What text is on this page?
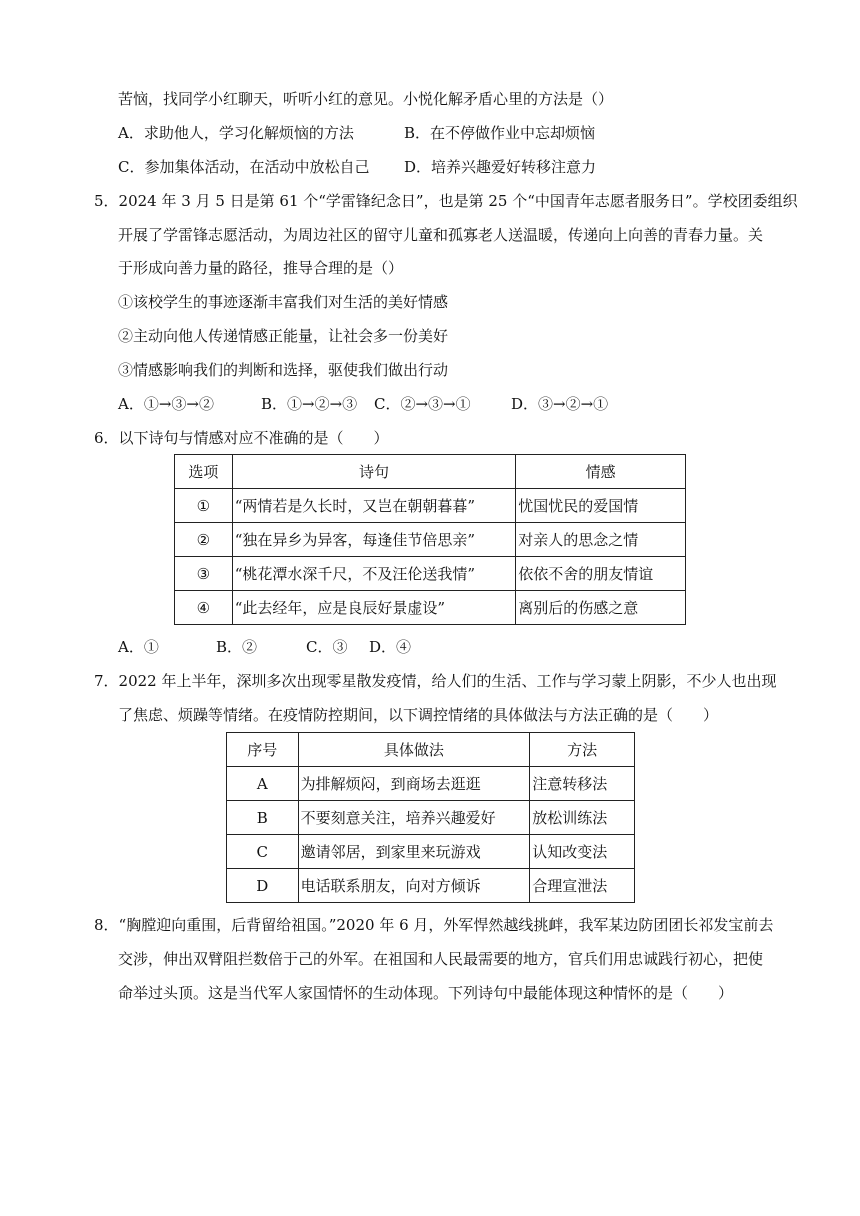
苦恼，找同学小红聊天，听听小红的意见。小悦化解矛盾心里的方法是（）
A．求助他人，学习化解烦恼的方法	B．在不停做作业中忘却烦恼
C．参加集体活动，在活动中放松自己 D．培养兴趣爱好转移注意力
5．2024 年 3 月 5 日是第 61 个“学雷锋纪念日”，也是第 25 个“中国青年志愿者服务日”。学校团委组织
开展了学雷锋志愿活动，为周边社区的留守儿童和孤寡老人送温暖，传递向上向善的青春力量。关
于形成向善力量的路径，推导合理的是（）
①该校学生的事迹逐渐丰富我们对生活的美好情感
②主动向他人传递情感正能量，让社会多一份美好
③情感影响我们的判断和选择，驱使我们做出行动
A．①→③→②	B．①→②→③ C．②→③→①	D．③→②→①
6．以下诗句与情感对应不准确的是（　　）
选项	诗句	情感
①	“两情若是久长时，又岂在朝朝暮暮”	忧国忧民的爱国情
②	“独在异乡为异客，每逢佳节倍思亲”	对亲人的思念之情
③	“桃花潭水深千尺，不及汪伦送我情”	依依不舍的朋友情谊
④	“此去经年，应是良辰好景虚设”	离别后的伤感之意
A．①	B．②	C．③ D．④
7．2022 年上半年，深圳多次出现零星散发疫情，给人们的生活、工作与学习蒙上阴影，不少人也出现
了焦虑、烦躁等情绪。在疫情防控期间，以下调控情绪的具体做法与方法正确的是（　　）
序号	具体做法	方法
A	为排解烦闷，到商场去逛逛	注意转移法
B	不要刻意关注，培养兴趣爱好	放松训练法
C	邀请邻居，到家里来玩游戏	认知改变法
D	电话联系朋友，向对方倾诉	合理宣泄法
8．“胸膛迎向重围，后背留给祖国。”2020 年 6 月，外军悍然越线挑衅，我军某边防团团长祁发宝前去
交涉，伸出双臂阻拦数倍于己的外军。在祖国和人民最需要的地方，官兵们用忠诚践行初心，把使
命举过头顶。这是当代军人家国情怀的生动体现。下列诗句中最能体现这种情怀的是（　　）
